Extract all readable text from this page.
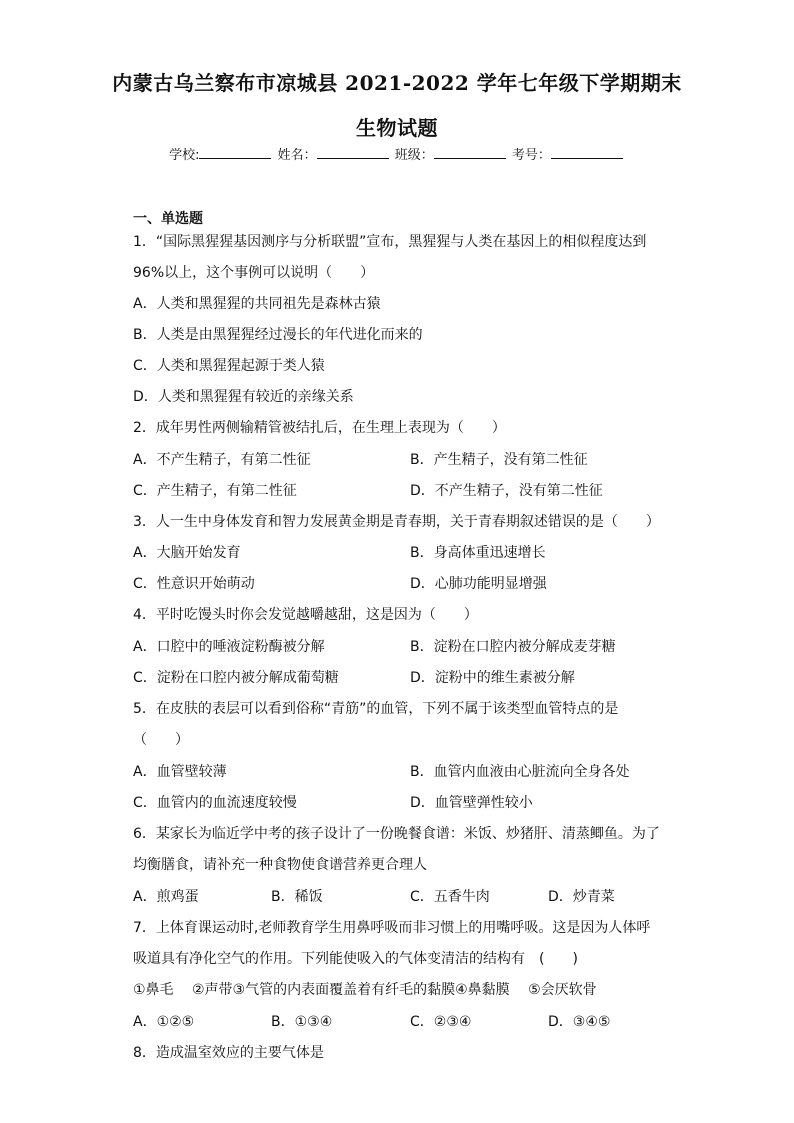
内蒙古乌兰察布市凉城县 2021-2022 学年七年级下学期期末
生物试题
学校:	姓名：	班级：	考号：
一、单选题
1．“国际黑猩猩基因测序与分析联盟”宣布，黑猩猩与人类在基因上的相似程度达到
96%以上，这个事例可以说明（　　）
A．人类和黑猩猩的共同祖先是森林古猿
B．人类是由黑猩猩经过漫长的年代进化而来的
C．人类和黑猩猩起源于类人猿
D．人类和黑猩猩有较近的亲缘关系
2．成年男性两侧输精管被结扎后，在生理上表现为（　　）
A．不产生精子，有第二性征	B．产生精子，没有第二性征
C．产生精子，有第二性征	D．不产生精子，没有第二性征
3．人一生中身体发育和智力发展黄金期是青春期，关于青春期叙述错误的是（　　）
A．大脑开始发育	B．身高体重迅速增长
C．性意识开始萌动	D．心肺功能明显增强
4．平时吃馒头时你会发觉越嚼越甜，这是因为（　　）
A．口腔中的唾液淀粉酶被分解	B．淀粉在口腔内被分解成麦芽糖
C．淀粉在口腔内被分解成葡萄糖	D．淀粉中的维生素被分解
5．在皮肤的表层可以看到俗称“青筋”的血管，下列不属于该类型血管特点的是
（　　）
A．血管壁较薄	B．血管内血液由心脏流向全身各处
C．血管内的血流速度较慢	D．血管壁弹性较小
6．某家长为临近学中考的孩子设计了一份晚餐食谱：米饭、炒猪肝、清蒸鲫鱼。为了
均衡膳食，请补充一种食物使食谱营养更合理人
A．煎鸡蛋	B．稀饭	C．五香牛肉	D．炒青菜
7．上体育课运动时,老师教育学生用鼻呼吸而非习惯上的用嘴呼吸。这是因为人体呼
吸道具有净化空气的作用。下列能使吸入的气体变清洁的结构有　(　　)
①鼻毛　 ②声带③气管的内表面覆盖着有纤毛的黏膜④鼻黏膜　 ⑤会厌软骨
A．①②⑤	B．①③④	C．②③④	D．③④⑤
8．造成温室效应的主要气体是
